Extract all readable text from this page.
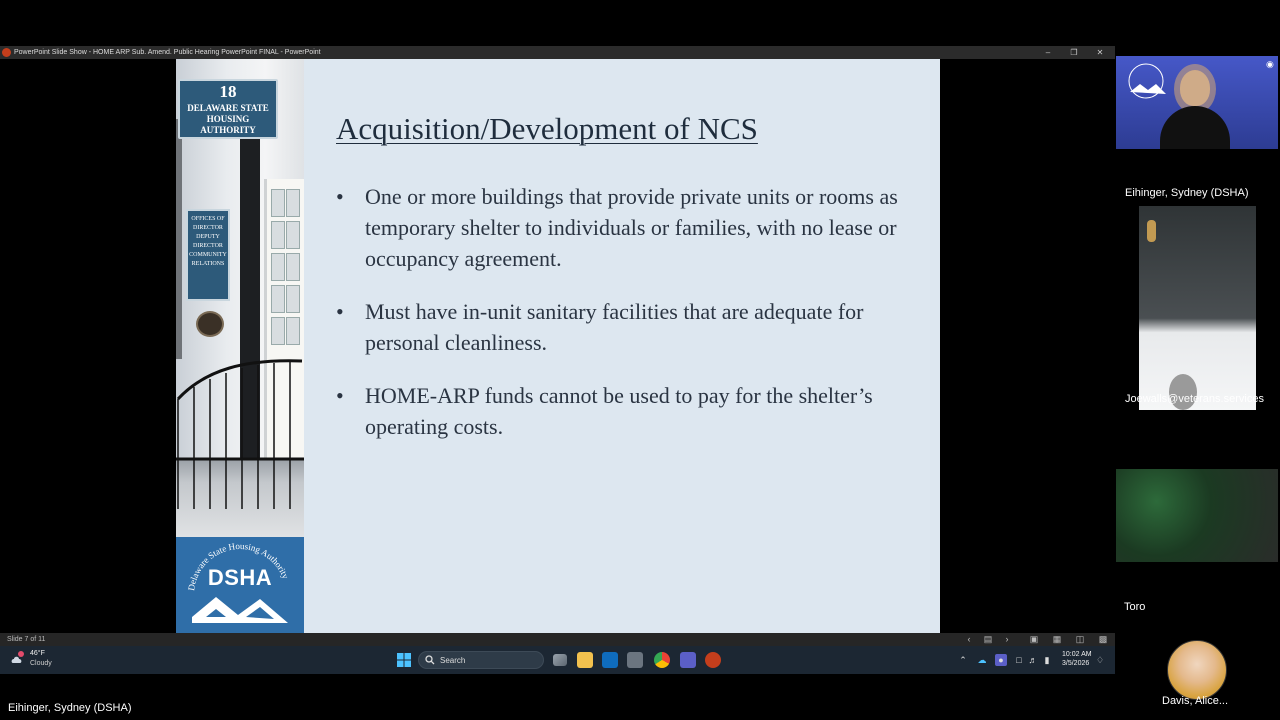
PowerPoint Slide Show - HOME ARP Sub. Amend. Public Hearing PowerPoint FINAL - PowerPoint	–	❐	✕
18
DELAWARE STATE HOUSING AUTHORITY
OFFICES OF
DIRECTOR
DEPUTY DIRECTOR
COMMUNITY RELATIONS
Delaware State Housing Authority
DSHA
Acquisition/Development of NCS
• One or more buildings that provide private units or rooms as temporary shelter to individuals or families, with no lease or occupancy agreement.
• Must have in-unit sanitary facilities that are adequate for personal cleanliness.
• HOME-ARP funds cannot be used to pay for the shelter’s operating costs.
Slide 7 of 11	‹	▤	›	▣	▦	◫	▩
46°F
Cloudy	Search	⌃ ☁	●	□ ♬ ▮	♢
10:02 AM
3/5/2026
◉
Eihinger, Sydney (DSHA)
Joewalls@veterans.services
Toro
Davis, Alice...
Eihinger, Sydney (DSHA)
